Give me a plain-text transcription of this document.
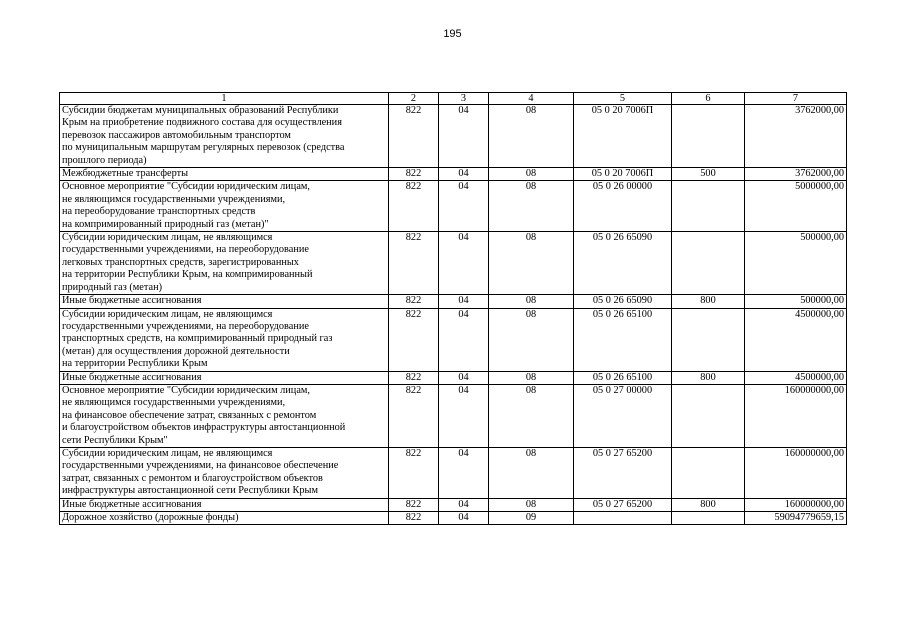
195
1	2	3	4	5	6	7
Субсидии бюджетам муниципальных образований Республики
Крым на приобретение подвижного состава для осуществления
перевозок пассажиров автомобильным транспортом
по муниципальным маршрутам регулярных перевозок (средства
прошлого периода)	822	04	08	05 0 20 7006П		3762000,00
Межбюджетные трансферты	822	04	08	05 0 20 7006П	500	3762000,00
Основное мероприятие "Субсидии юридическим лицам,
не являющимся государственными учреждениями,
на переоборудование транспортных средств
на компримированный природный газ (метан)"	822	04	08	05 0 26 00000		5000000,00
Субсидии юридическим лицам, не являющимся
государственными учреждениями, на переоборудование
легковых транспортных средств, зарегистрированных
на территории Республики Крым, на компримированный
природный газ (метан)	822	04	08	05 0 26 65090		500000,00
Иные бюджетные ассигнования	822	04	08	05 0 26 65090	800	500000,00
Субсидии юридическим лицам, не являющимся
государственными учреждениями, на переоборудование
транспортных средств, на компримированный природный газ
(метан) для осуществления дорожной деятельности
на территории Республики Крым	822	04	08	05 0 26 65100		4500000,00
Иные бюджетные ассигнования	822	04	08	05 0 26 65100	800	4500000,00
Основное мероприятие "Субсидии юридическим лицам,
не являющимся государственными учреждениями,
на финансовое обеспечение затрат, связанных с ремонтом
и благоустройством объектов инфраструктуры автостанционной
сети Республики Крым"	822	04	08	05 0 27 00000		160000000,00
Субсидии юридическим лицам, не являющимся
государственными учреждениями, на финансовое обеспечение
затрат, связанных с ремонтом и благоустройством объектов
инфраструктуры автостанционной сети Республики Крым	822	04	08	05 0 27 65200		160000000,00
Иные бюджетные ассигнования	822	04	08	05 0 27 65200	800	160000000,00
Дорожное хозяйство (дорожные фонды)	822	04	09			59094779659,15
